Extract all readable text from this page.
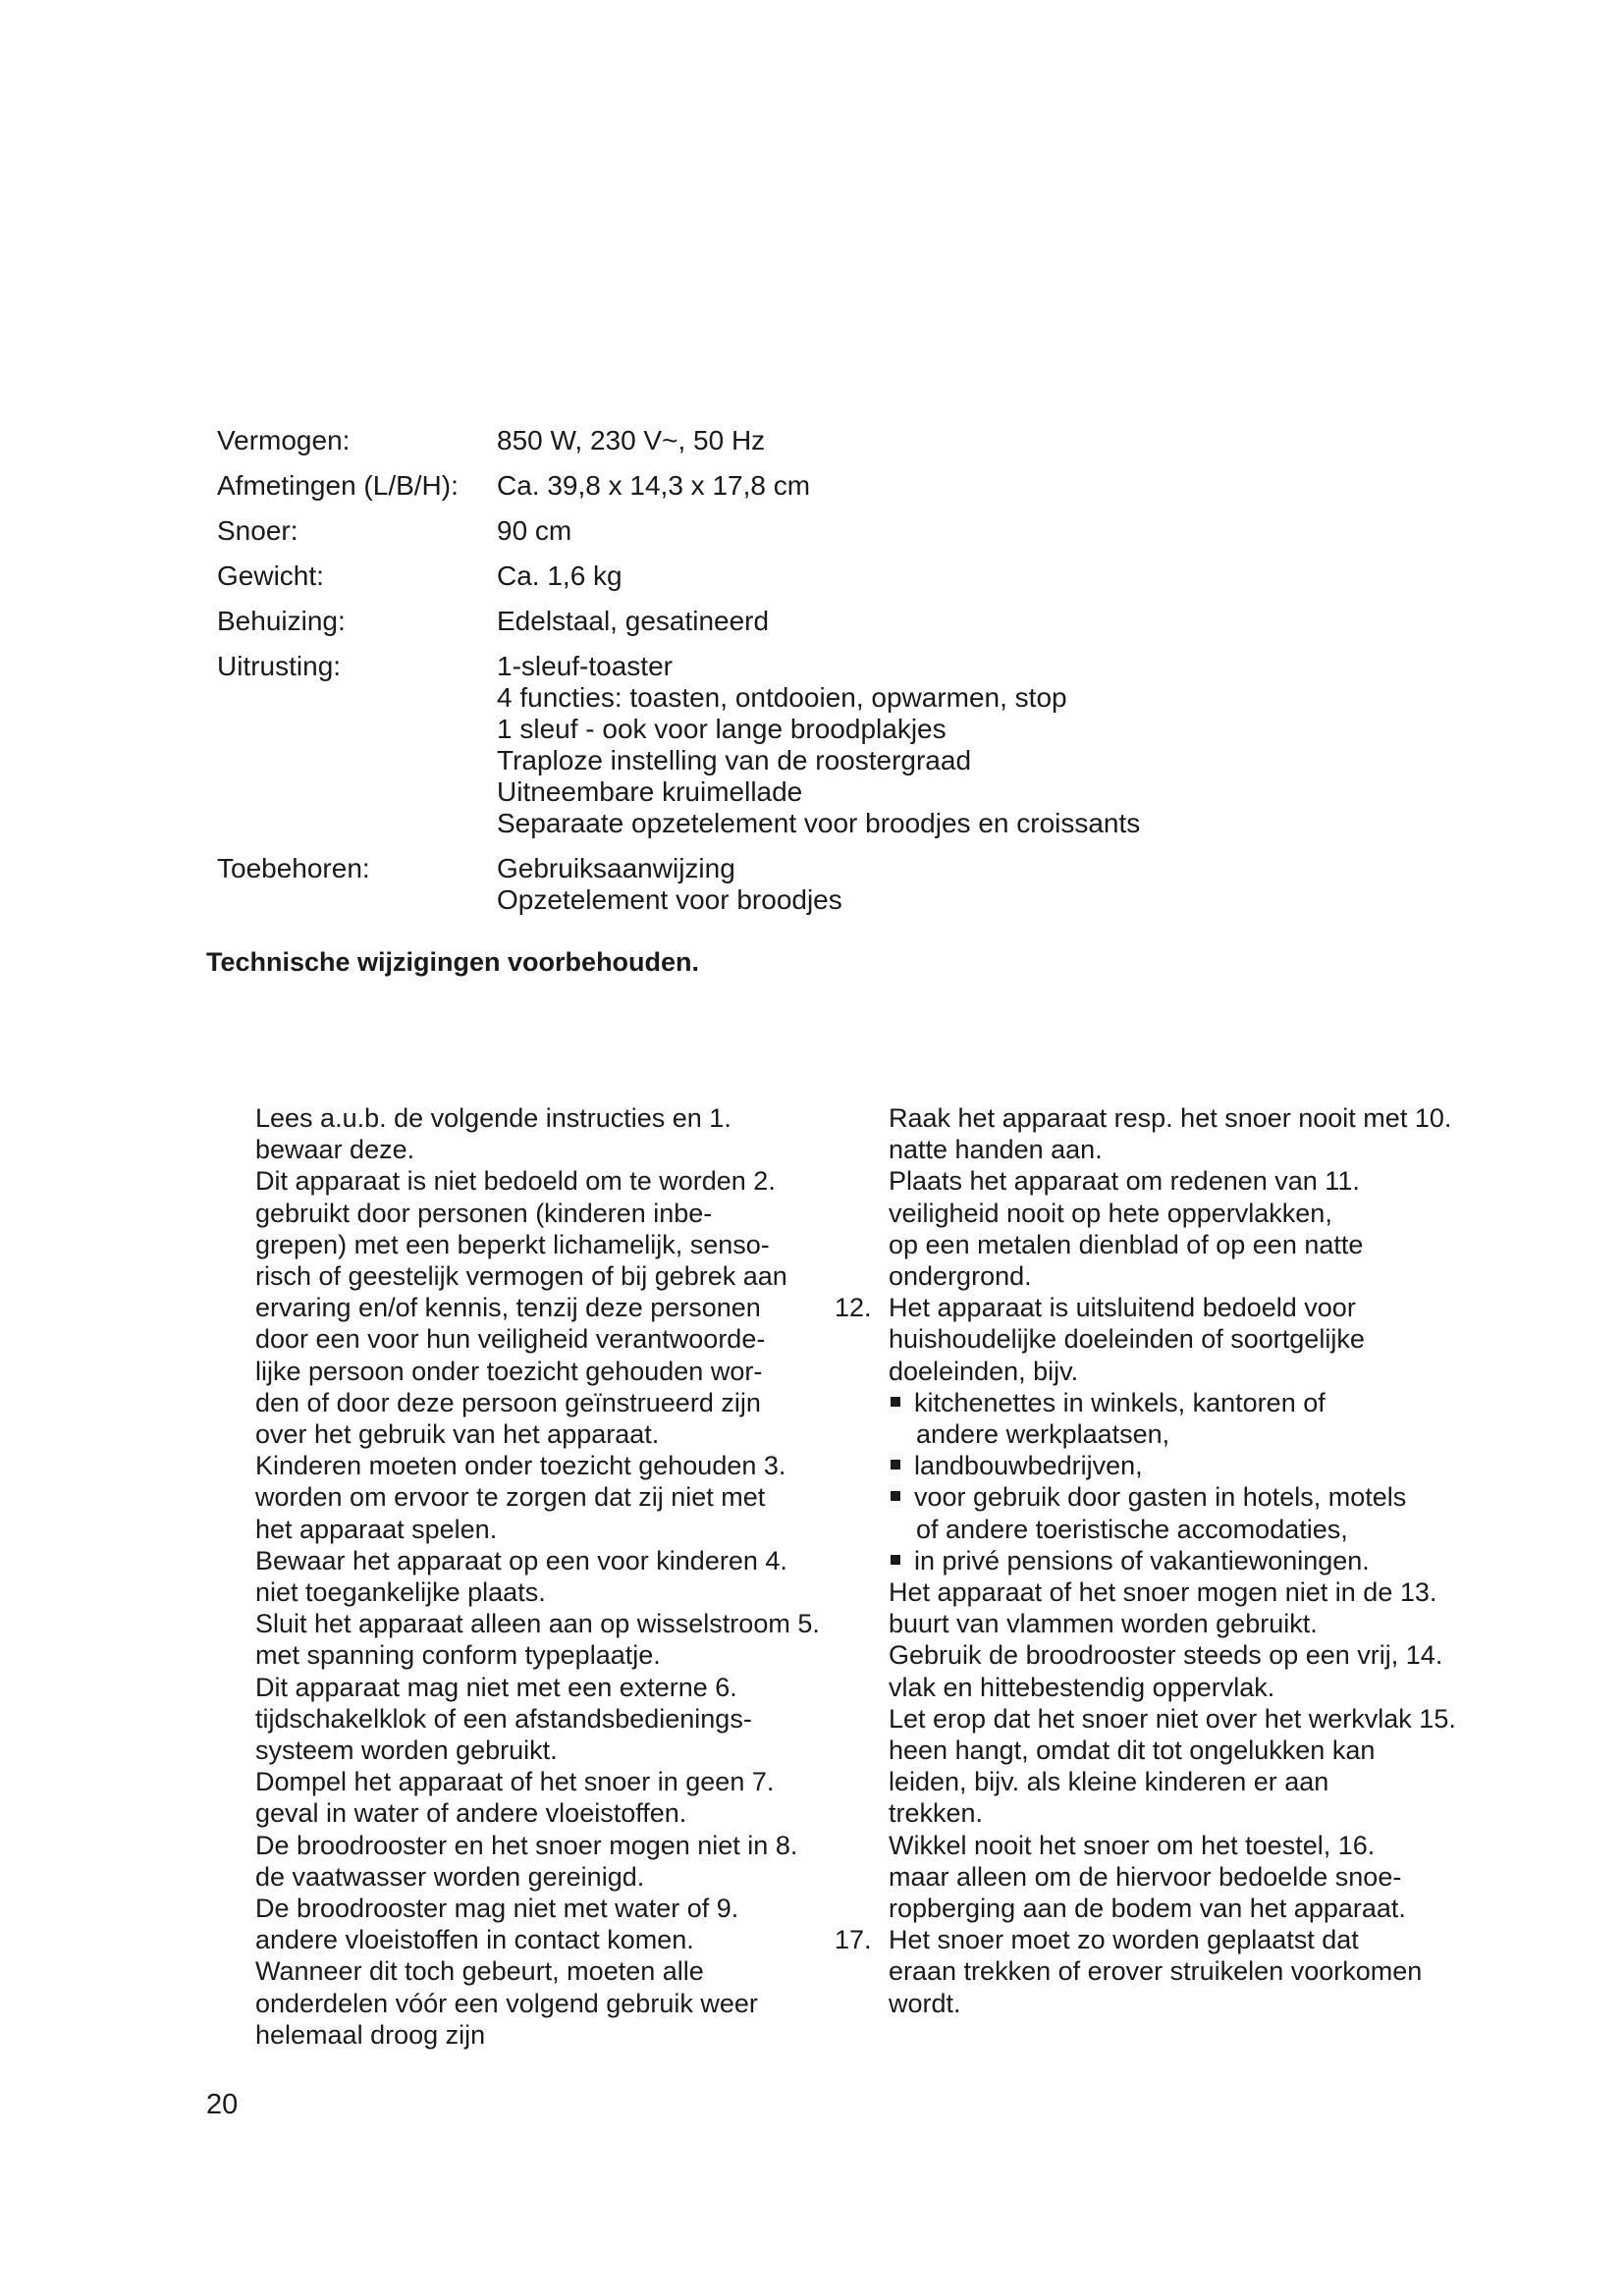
Vermogen:	850 W, 230 V~, 50 Hz
Afmetingen (L/B/H):	Ca. 39,8 x 14,3 x 17,8 cm
Snoer:	90 cm
Gewicht:	Ca. 1,6 kg
Behuizing:	Edelstaal, gesatineerd
Uitrusting:	1-sleuf-toaster
4 functies: toasten, ontdooien, opwarmen, stop
1 sleuf - ook voor lange broodplakjes
Traploze instelling van de roostergraad
Uitneembare kruimellade
Separaate opzetelement voor broodjes en croissants
Toebehoren:	Gebruiksaanwijzing
Opzetelement voor broodjes
Technische wijzigingen voorbehouden.
Lees a.u.b. de volgende instructies en 1.
bewaar deze.
Dit apparaat is niet bedoeld om te worden 2.
gebruikt door personen (kinderen inbe-
grepen) met een beperkt lichamelijk, senso-
risch of geestelijk vermogen of bij gebrek aan
ervaring en/of kennis, tenzij deze personen
door een voor hun veiligheid verantwoorde-
lijke persoon onder toezicht gehouden wor-
den of door deze persoon geïnstrueerd zijn
over het gebruik van het apparaat.
Kinderen moeten onder toezicht gehouden 3.
worden om ervoor te zorgen dat zij niet met
het apparaat spelen.
Bewaar het apparaat op een voor kinderen 4.
niet toegankelijke plaats.
Sluit het apparaat alleen aan op wisselstroom 5.
met spanning conform typeplaatje.
Dit apparaat mag niet met een externe 6.
tijdschakelklok of een afstandsbedienings-
systeem worden gebruikt.
Dompel het apparaat of het snoer in geen 7.
geval in water of andere vloeistoffen.
De broodrooster en het snoer mogen niet in 8.
de vaatwasser worden gereinigd.
De broodrooster mag niet met water of 9.
andere vloeistoffen in contact komen.
Wanneer dit toch gebeurt, moeten alle
onderdelen vóór een volgend gebruik weer
helemaal droog zijn
Raak het apparaat resp. het snoer nooit met 10.
natte handen aan.
Plaats het apparaat om redenen van 11.
veiligheid nooit op hete oppervlakken,
op een metalen dienblad of op een natte
ondergrond.
12. Het apparaat is uitsluitend bedoeld voor
huishoudelijke doeleinden of soortgelijke
doeleinden, bijv.
kitchenettes in winkels, kantoren of
andere werkplaatsen,
landbouwbedrijven,
voor gebruik door gasten in hotels, motels
of andere toeristische accomodaties,
in privé pensions of vakantiewoningen.
Het apparaat of het snoer mogen niet in de 13.
buurt van vlammen worden gebruikt.
Gebruik de broodrooster steeds op een vrij, 14.
vlak en hittebestendig oppervlak.
Let erop dat het snoer niet over het werkvlak 15.
heen hangt, omdat dit tot ongelukken kan
leiden, bijv. als kleine kinderen er aan
trekken.
Wikkel nooit het snoer om het toestel, 16.
maar alleen om de hiervoor bedoelde snoe-
ropberging aan de bodem van het apparaat.
17. Het snoer moet zo worden geplaatst dat
eraan trekken of erover struikelen voorkomen
wordt.
20
